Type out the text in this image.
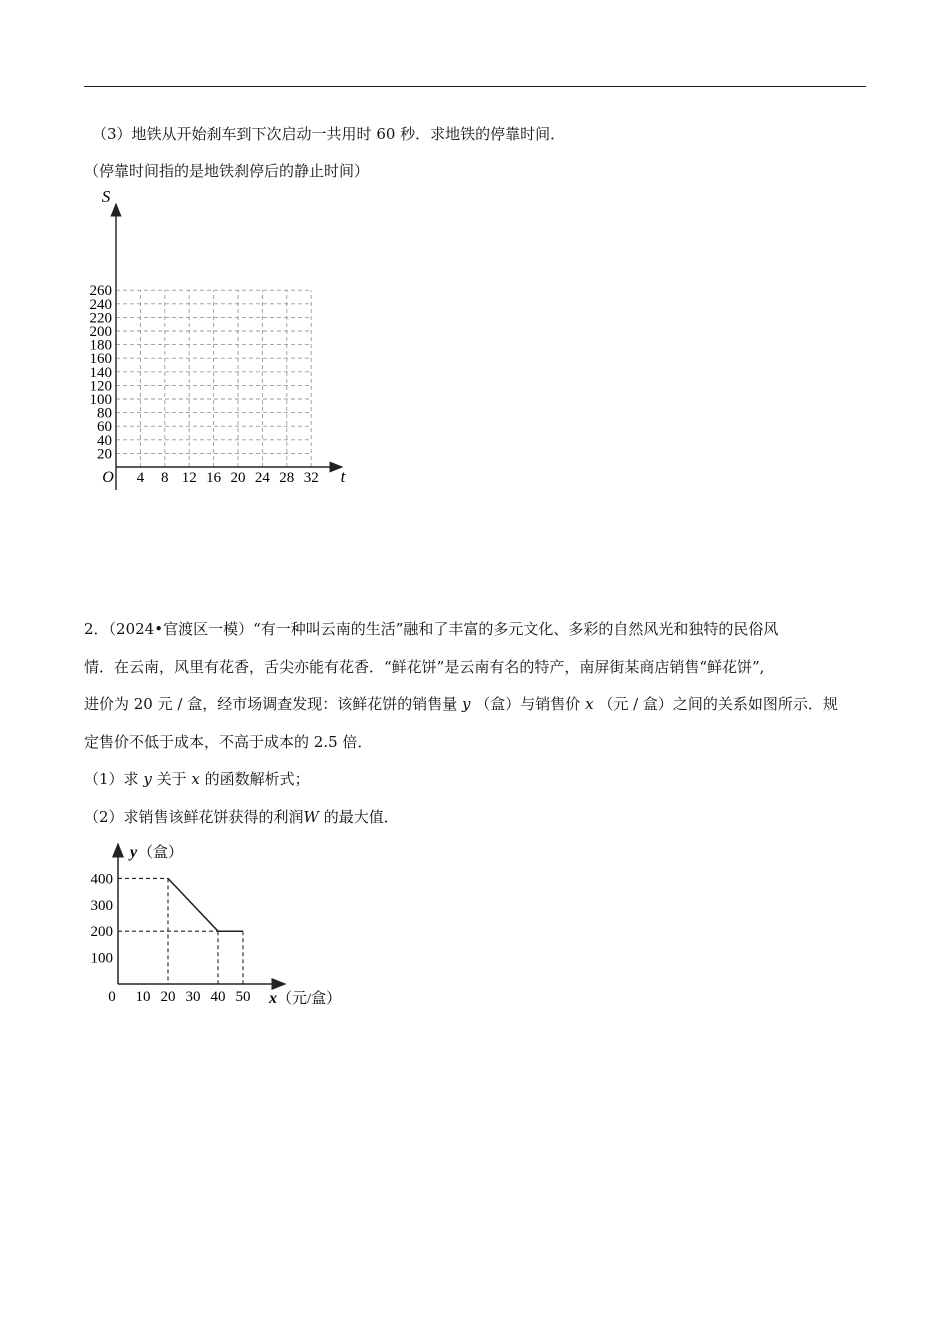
（3）地铁从开始刹车到下次启动一共用时 60 秒．求地铁的停靠时间．
（停靠时间指的是地铁刹停后的静止时间）
S
t
O 4 8 12 16 20 24 28 32
20
40
60
80
100
120
140
160
180
200
220
240
260
2．（2024•官渡区一模）“有一种叫云南的生活”融和了丰富的多元文化、多彩的自然风光和独特的民俗风
情．在云南，风里有花香，舌尖亦能有花香．“鲜花饼”是云南有名的特产，南屏街某商店销售“鲜花饼”,
进价为 20 元 / 盒，经市场调查发现：该鲜花饼的销售量 y （盒）与销售价 x （元 / 盒）之间的关系如图所示．规
定售价不低于成本，不高于成本的 2.5 倍．
（1）求 y 关于 x 的函数解析式；
（2）求销售该鲜花饼获得的利润W 的最大值．
y （盒）
x （元/盒）
0 10 20 30 40 50
100
200
300
400
